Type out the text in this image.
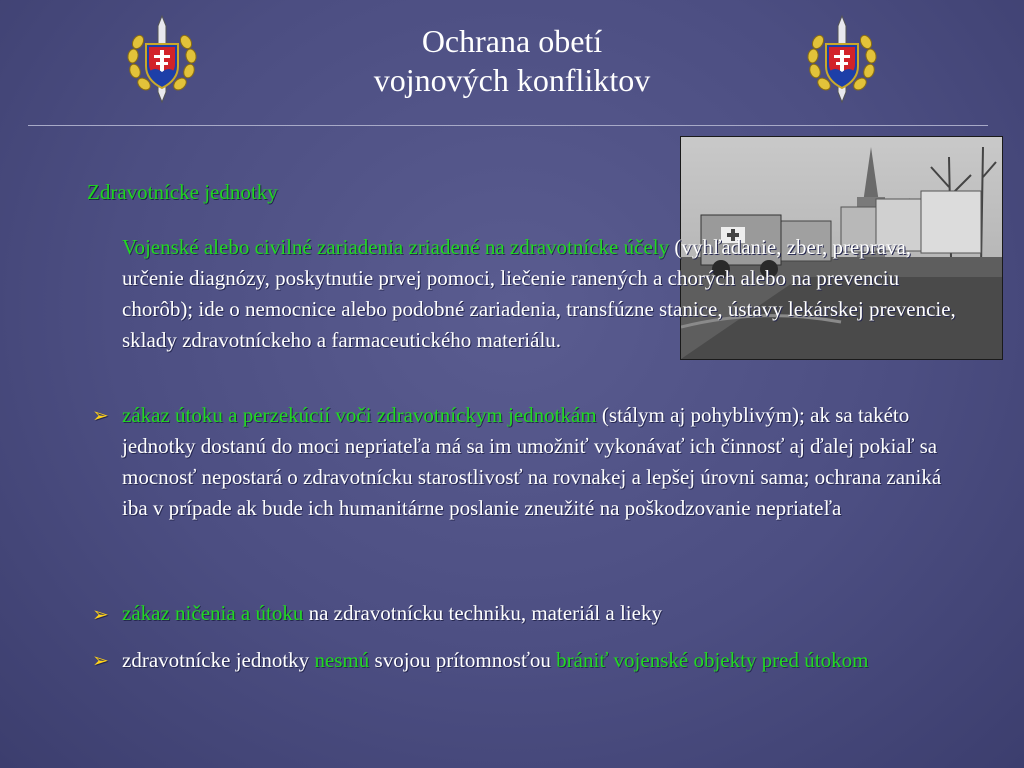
Ochrana obetí
vojnových konfliktov
Zdravotnícke jednotky
Vojenské alebo civilné zariadenia zriadené na zdravotnícke účely (vyhľadanie, zber, preprava, určenie diagnózy, poskytnutie prvej pomoci, liečenie ranených a chorých alebo na prevenciu chorôb); ide o nemocnice alebo podobné zariadenia, transfúzne stanice, ústavy lekárskej prevencie, sklady zdravotníckeho a farmaceutického materiálu.
➢ zákaz útoku a perzekúcií voči zdravotníckym jednotkám (stálym aj pohyblivým); ak sa takéto jednotky dostanú do moci nepriateľa má sa im umožniť vykonávať ich činnosť aj ďalej pokiaľ sa mocnosť nepostará o zdravotnícku starostlivosť na rovnakej a lepšej úrovni sama; ochrana zaniká iba v prípade ak bude ich humanitárne poslanie zneužité na poškodzovanie nepriateľa
➢ zákaz ničenia a útoku na zdravotnícku techniku, materiál a lieky
➢ zdravotnícke jednotky nesmú svojou prítomnosťou brániť vojenské objekty pred útokom
